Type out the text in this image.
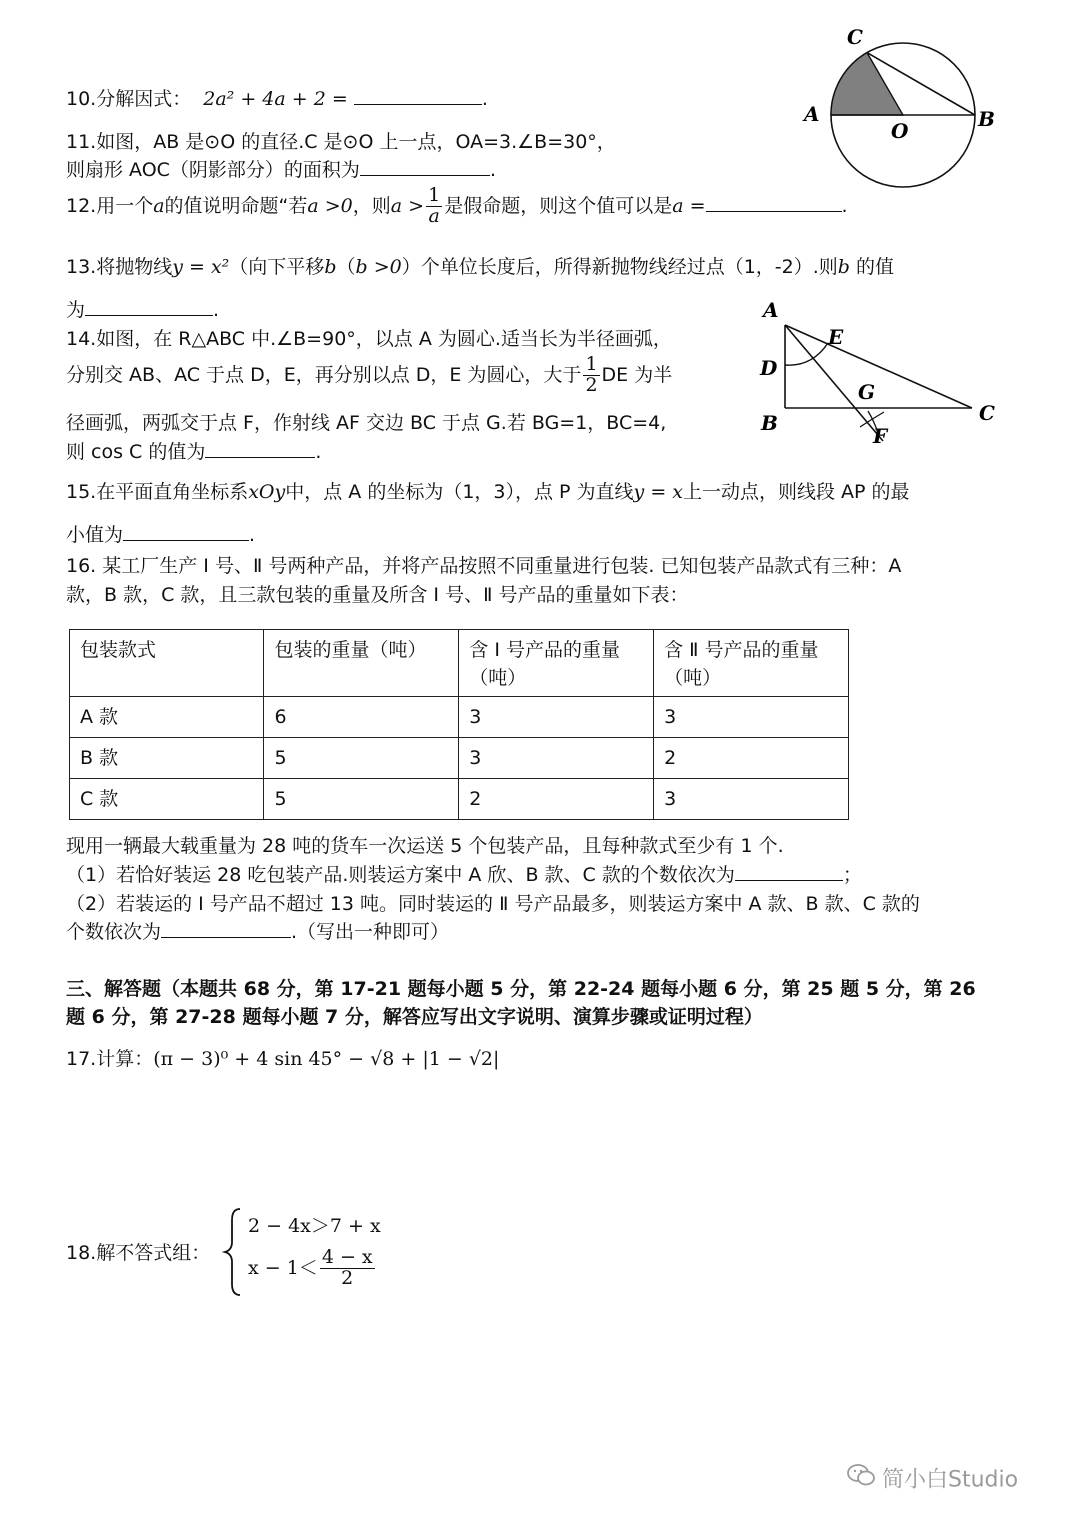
10.分解因式： 2a² + 4a + 2 =	.
11.如图，AB 是⊙O 的直径.C 是⊙O 上一点，OA=3.∠B=30°，
则扇形 AOC（阴影部分）的面积为	.
C
A
O	B
12.用一个a的值说明命题“若a >0，则$a > \frac{1}{a}$ 是假命题，则这个值可以是a =	.
13.将抛物线y = x²（向下平移b（b >0）个单位长度后，所得新抛物线经过点（1，-2）.则b 的值
为	.
14.如图，在 R△ABC 中.∠B=90°，以点 A 为圆心.适当长为半径画弧，
分别交 AB、AC 于点 D，E，再分别以点 D，E 为圆心，大于 $\frac{1}{2}$ DE 为半
径画弧，两弧交于点 F，作射线 AF 交边 BC 于点 G.若 BG=1，BC=4,
则 cos C 的值为	.
A
E
D
G
B	C
F
15.在平面直角坐标系xOy中，点 A 的坐标为（1，3），点 P 为直线y = x上一动点，则线段 AP 的最
小值为	.
16. 某工厂生产 Ⅰ 号、Ⅱ 号两种产品，并将产品按照不同重量进行包装. 已知包装产品款式有三种：A
款，B 款，C 款，且三款包装的重量及所含 Ⅰ 号、Ⅱ 号产品的重量如下表：
包装款式	包装的重量（吨）	含 Ⅰ 号产品的重量（吨）	含 Ⅱ 号产品的重量（吨）
A 款	6	3	3
B 款	5	3	2
C 款	5	2	3
现用一辆最大载重量为 28 吨的货车一次运送 5 个包装产品，且每种款式至少有 1 个.
（1）若恰好装运 28 吃包装产品.则装运方案中 A 欣、B 款、C 款的个数依次为	；
（2）若装运的 Ⅰ 号产品不超过 13 吨。同时装运的 Ⅱ 号产品最多，则装运方案中 A 款、B 款、C 款的
个数依次为	.（写出一种即可）
三、解答题（本题共 68 分，第 17-21 题每小题 5 分，第 22-24 题每小题 6 分，第 25 题 5 分，第 26
题 6 分，第 27-28 题每小题 7 分，解答应写出文字说明、演算步骤或证明过程）
17.计算：(π − 3)⁰ + 4 sin 45° − √8 + |1 − √2|
18.解不答式组：
2 − 4x＞7 + x
$x - 1< \frac{4 - x}{2}$
简小白Studio
